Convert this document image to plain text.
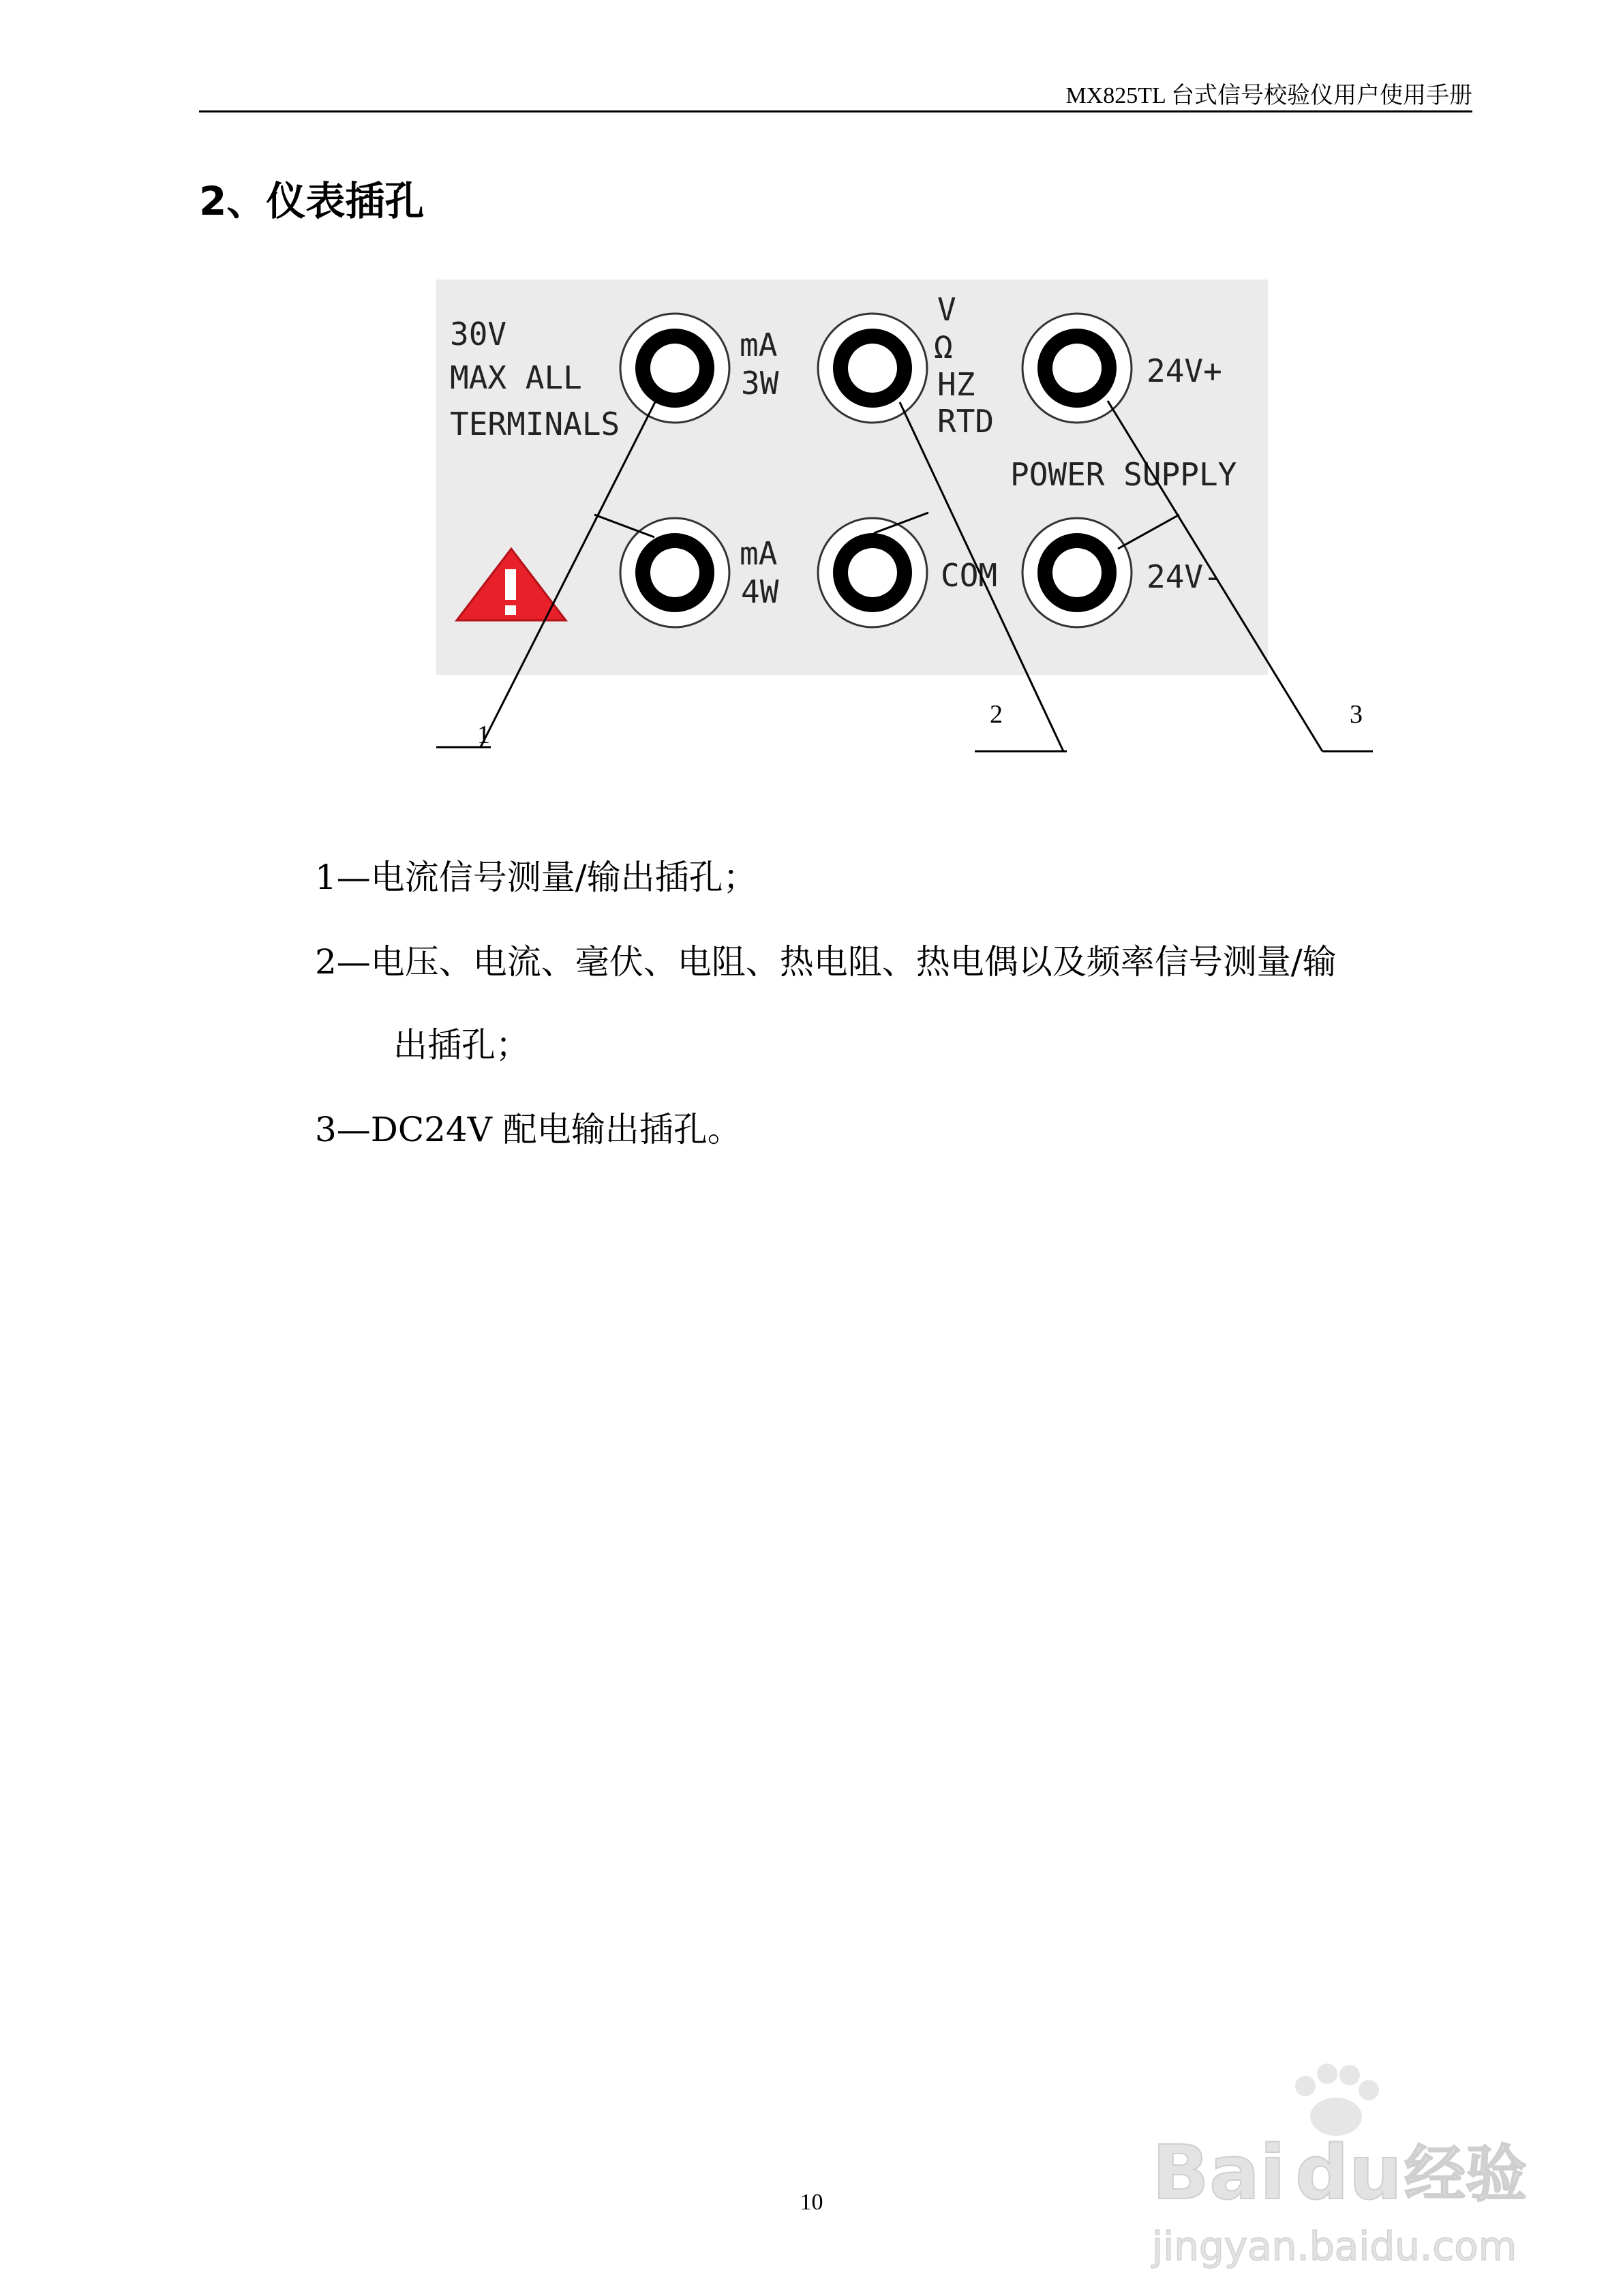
MX825TL 台式信号校验仪用户使用手册
2、仪表插孔
30V
MAX ALL
TERMINALS
mA
3W
mA
4W
V
Ω
HZ
RTD
COM
24V+
24V-
POWER SUPPLY
1
2	3
1—电流信号测量/输出插孔；
2—电压、电流、毫伏、电阻、热电阻、热电偶以及频率信号测量/输
出插孔；
3—DC24V 配电输出插孔。
10	Bai du 经验
jingyan.baidu.com
